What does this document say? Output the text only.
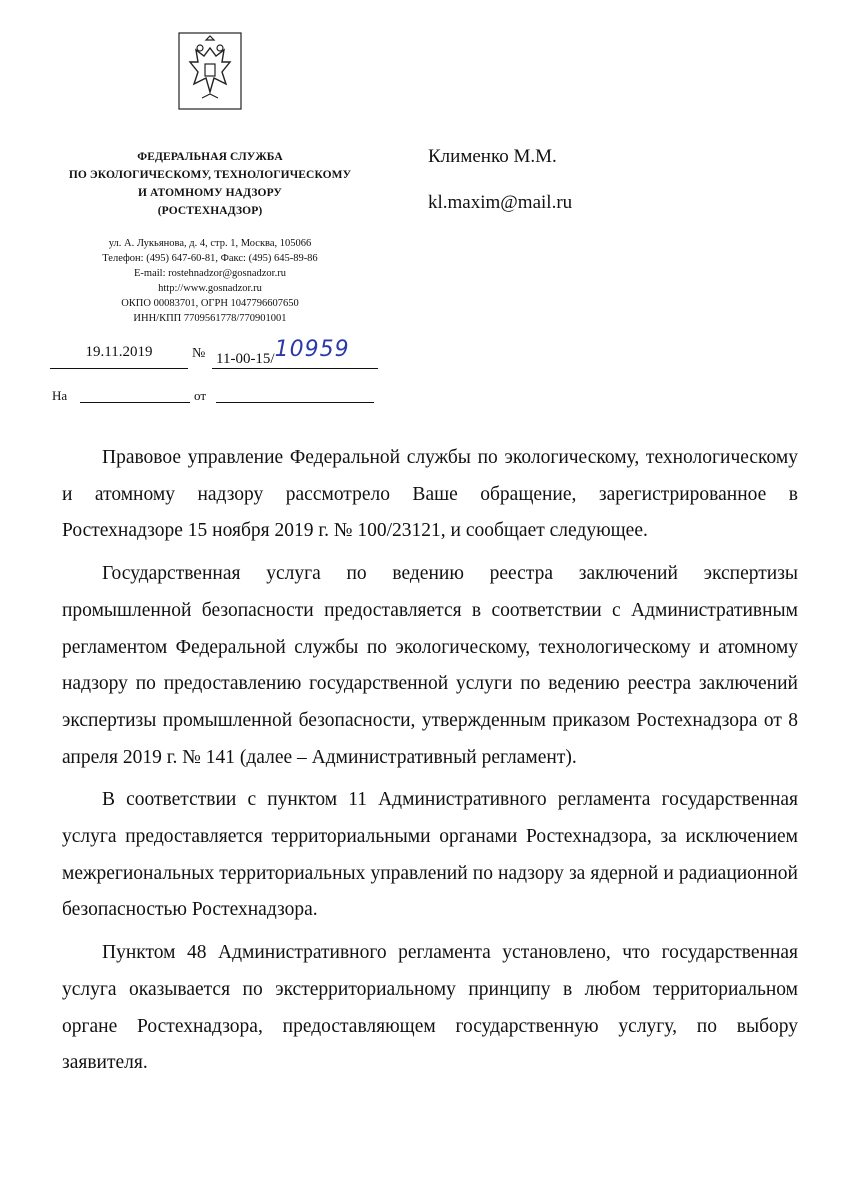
ФЕДЕРАЛЬНАЯ СЛУЖБА
ПО ЭКОЛОГИЧЕСКОМУ, ТЕХНОЛОГИЧЕСКОМУ
И АТОМНОМУ НАДЗОРУ
(РОСТЕХНАДЗОР)
ул. А. Лукьянова, д. 4, стр. 1, Москва, 105066
Телефон: (495) 647-60-81, Факс: (495) 645-89-86
E-mail: rostehnadzor@gosnadzor.ru
http://www.gosnadzor.ru
ОКПО 00083701, ОГРН 1047796607650
ИНН/КПП 7709561778/770901001
Клименко М.М.
kl.maxim@mail.ru
19.11.2019	№ 11-00-15/10959
На	от

Правовое управление Федеральной службы по экологическому, технологическому и атомному надзору рассмотрело Ваше обращение, зарегистрированное в Ростехнадзоре 15 ноября 2019 г. № 100/23121, и сообщает следующее.

Государственная услуга по ведению реестра заключений экспертизы промышленной безопасности предоставляется в соответствии с Административным регламентом Федеральной службы по экологическому, технологическому и атомному надзору по предоставлению государственной услуги по ведению реестра заключений экспертизы промышленной безопасности, утвержденным приказом Ростехнадзора от 8 апреля 2019 г. № 141 (далее – Административный регламент).

В соответствии с пунктом 11 Административного регламента государственная услуга предоставляется территориальными органами Ростехнадзора, за исключением межрегиональных территориальных управлений по надзору за ядерной и радиационной безопасностью Ростехнадзора.

Пунктом 48 Административного регламента установлено, что государственная услуга оказывается по экстерриториальному принципу в любом территориальном органе Ростехнадзора, предоставляющем государственную услугу, по выбору заявителя.
